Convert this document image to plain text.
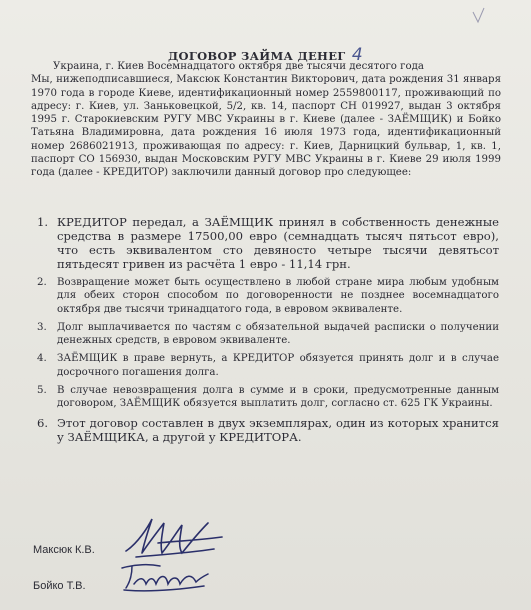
ДОГОВОР ЗАЙМА ДЕНЕГ 4

Украина, г. Киев Восемнадцатого октября две тысячи десятого года

Мы, нижеподписавшиеся, Максюк Константин Викторович, дата рождения 31 января 1970 года в городе Киеве, идентификационный номер 2559800117, проживающий по адресу: г. Киев, ул. Заньковецкой, 5/2, кв. 14, паспорт СН 019927, выдан 3 октября 1995 г. Старокиевским РУГУ МВС Украины в г. Киеве (далее - ЗАЁМЩИК) и Бойко Татьяна Владимировна, дата рождения 16 июля 1973 года, идентификационный номер 2686021913, проживающая по адресу: г. Киев, Дарницкий бульвар, 1, кв. 1, паспорт СО 156930, выдан Московским РУГУ МВС Украины в г. Киеве 29 июля 1999 года (далее - КРЕДИТОР) заключили данный договор про следующее:

1. КРЕДИТОР передал, а ЗАЁМЩИК принял в собственность денежные средства в размере 17500,00 евро (семнадцать тысяч пятьсот евро), что есть эквивалентом сто девяносто четыре тысячи девятьсот пятьдесят гривен из расчёта 1 евро - 11,14 грн.
2. Возвращение может быть осуществлено в любой стране мира любым удобным для обеих сторон способом по договоренности не позднее восемнадцатого октября две тысячи тринадцатого года, в евровом эквиваленте.
3. Долг выплачивается по частям с обязательной выдачей расписки о получении денежных средств, в евровом эквиваленте.
4. ЗАЁМЩИК в праве вернуть, а КРЕДИТОР обязуется принять долг и в случае досрочного погашения долга.
5. В случае невозвращения долга в сумме и в сроки, предусмотренные данным договором, ЗАЁМЩИК обязуется выплатить долг, согласно ст. 625 ГК Украины.
6. Этот договор составлен в двух экземплярах, один из которых хранится у ЗАЁМЩИКА, а другой у КРЕДИТОРА.
Максюк К.В.
Бойко Т.В.
